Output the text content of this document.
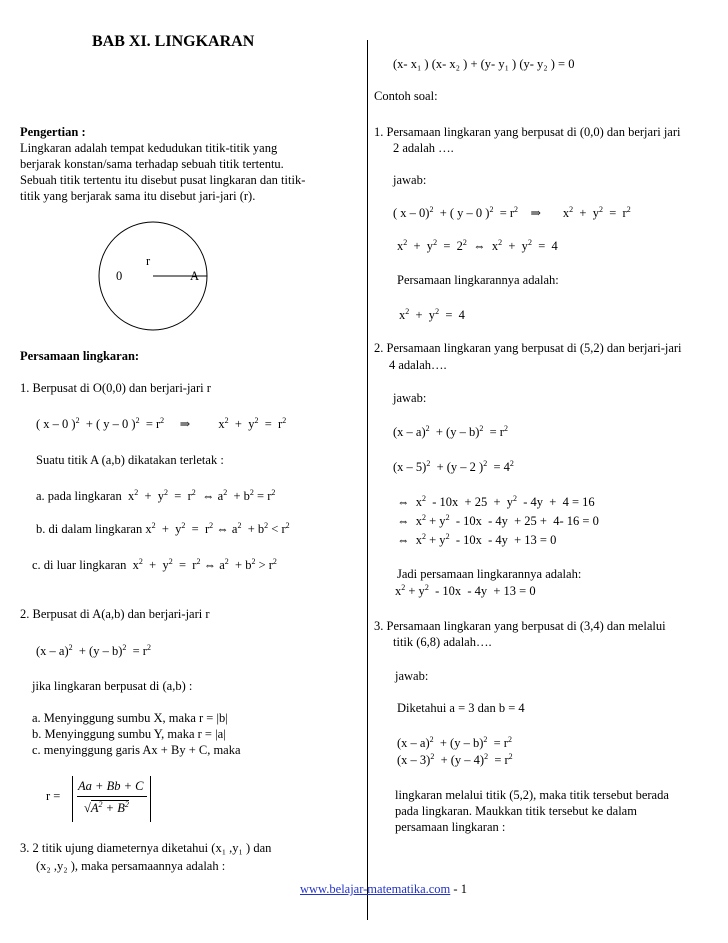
BAB XI. LINGKARAN
Pengertian :
Lingkaran adalah tempat kedudukan titik-titik yang
berjarak konstan/sama terhadap sebuah titik tertentu.
Sebuah titik tertentu itu disebut pusat lingkaran dan titik-
titik yang berjarak sama itu disebut jari-jari (r).
0
r
A
Persamaan lingkaran:
1. Berpusat di O(0,0) dan berjari-jari r
( x – 0 )$^2$  + ( y – 0 )$^2 = r^2$     ⇒         $x^2 + y^2 = r^2$
Suatu titik A (a,b) dikatakan terletak :
a. pada lingkaran  $x^2 + y^2 = r^2$  ⇔ $a^2 + b^2 = r^2$
b. di dalam lingkaran $x^2 + y^2 = r^2$ ⇔ $a^2 + b^2 < r^2$
c. di luar lingkaran  $x^2 + y^2 = r^2$ ⇔ $a^2 + b^2 > r^2$
2. Berpusat di A(a,b) dan berjari-jari r
$(x - a)^2 + (y - b)^2 = r^2$
jika lingkaran berpusat di (a,b) :
a. Menyinggung sumbu X, maka r = |b|
b. Menyinggung sumbu Y, maka r = |a|
c. menyinggung garis Ax + By + C, maka
r =
Aa + Bb + C
$√A^2 + B^2$
3. 2 titik ujung diameternya diketahui (x₁ ,y₁ ) dan
(x₂ ,y₂ ), maka persamaannya adalah :
(x- x₁ ) (x- x₂ ) + (y- y₁ ) (y- y₂ ) = 0
Contoh soal:
1. Persamaan lingkaran yang berpusat di (0,0) dan berjari jari
2 adalah ….
jawab:
( x – 0)$^2$  + ( y – 0 )$^2 = r^2$    ⇒       $x^2 + y^2 = r^2$
$x^2 + y^2 = 2^2$  ⇔  $x^2 + y^2 = 4$
Persamaan lingkarannya adalah:
$x^2 + y^2 = 4$
2. Persamaan lingkaran yang berpusat di (5,2) dan berjari-jari
4 adalah….
jawab:
$(x - a)^2 + (y - b)^2 = r^2$
(x – 5)$^2$  + (y – 2 )$^2 = 4^2$
⇔  $x^2 - 10x + 25 + y^2 - 4y + 4 = 16$
⇔  $x^2 + y^2 - 10x - 4y + 25 + 4-$ 16 = 0
⇔  $x^2 + y^2 - 10x - 4y + 13 = 0$
Jadi persamaan lingkarannya adalah:
$x^2 + y^2 - 10x - 4y + 13 = 0$
3. Persamaan lingkaran yang berpusat di (3,4) dan melalui
titik (6,8) adalah….
jawab:
Diketahui a = 3 dan b = 4
$(x - a)^2 + (y - b)^2 = r^2$
$(x - 3)^2 + (y - 4)^2 = r^2$
lingkaran melalui titik (5,2), maka titik tersebut berada
pada lingkaran. Maukkan titik tersebut ke dalam
persamaan lingkaran :
www.belajar-matematika.com - 1
